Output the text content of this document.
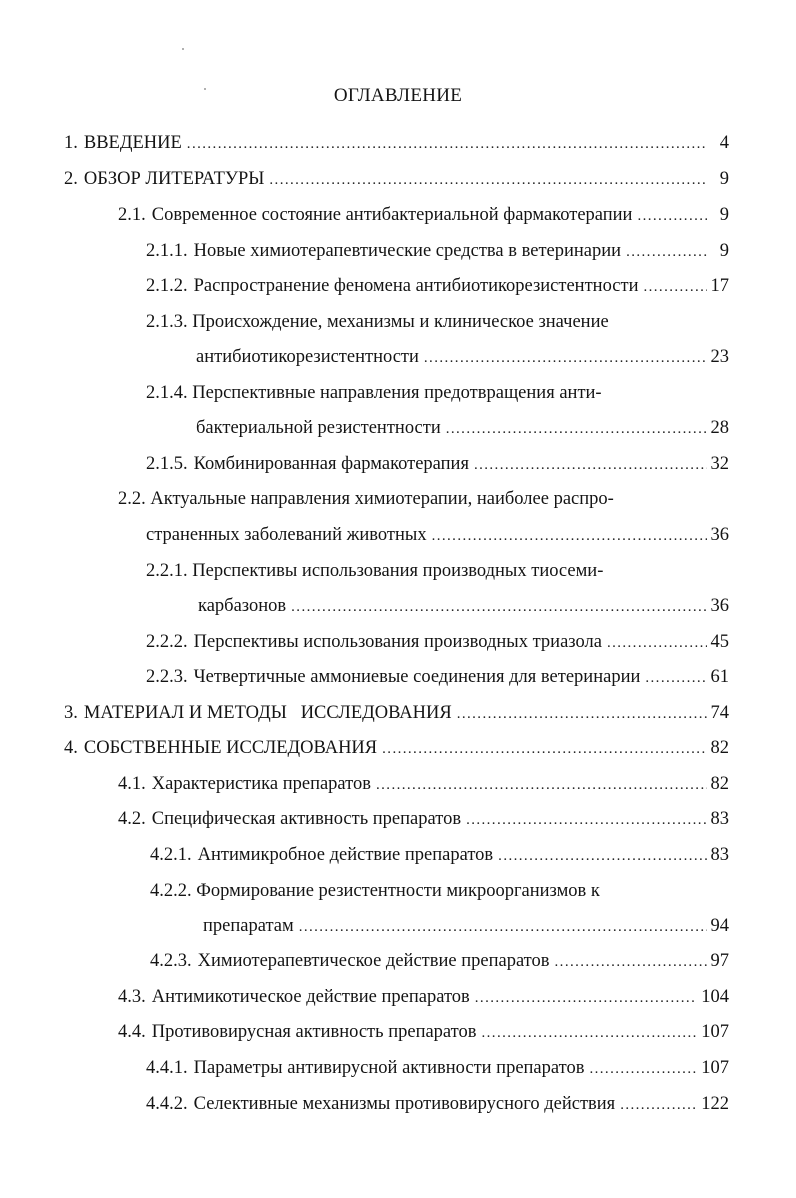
ОГЛАВЛЕНИЕ
1. ВВЕДЕНИЕ .....	4
2. ОБЗОР ЛИТЕРАТУРЫ .....	9
2.1. Современное состояние антибактериальной фармакотерапии .....	9
2.1.1. Новые химиотерапевтические средства в ветеринарии .....	9
2.1.2. Распространение феномена антибиотикорезистентности .....	17
2.1.3. Происхождение, механизмы и клиническое значение
антибиотикорезистентности .....	23
2.1.4. Перспективные направления предотвращения анти-
бактериальной резистентности .....	28
2.1.5. Комбинированная фармакотерапия .....	32
2.2. Актуальные направления химиотерапии, наиболее распро-
страненных заболеваний животных .....	36
2.2.1. Перспективы использования производных тиосеми-
карбазонов .....	36
2.2.2. Перспективы использования производных триазола .....	45
2.2.3. Четвертичные аммониевые соединения для ветеринарии .....	61
3. МАТЕРИАЛ И МЕТОДЫ   ИССЛЕДОВАНИЯ .....	74
4. СОБСТВЕННЫЕ ИССЛЕДОВАНИЯ .....	82
4.1. Характеристика препаратов .....	82
4.2. Специфическая активность препаратов .....	83
4.2.1. Антимикробное действие препаратов .....	83
4.2.2. Формирование резистентности микроорганизмов к
препаратам .....	94
4.2.3. Химиотерапевтическое действие препаратов .....	97
4.3. Антимикотическое действие препаратов .....	104
4.4. Противовирусная активность препаратов .....	107
4.4.1. Параметры антивирусной активности препаратов .....	107
4.4.2. Селективные механизмы противовирусного действия .....	122
